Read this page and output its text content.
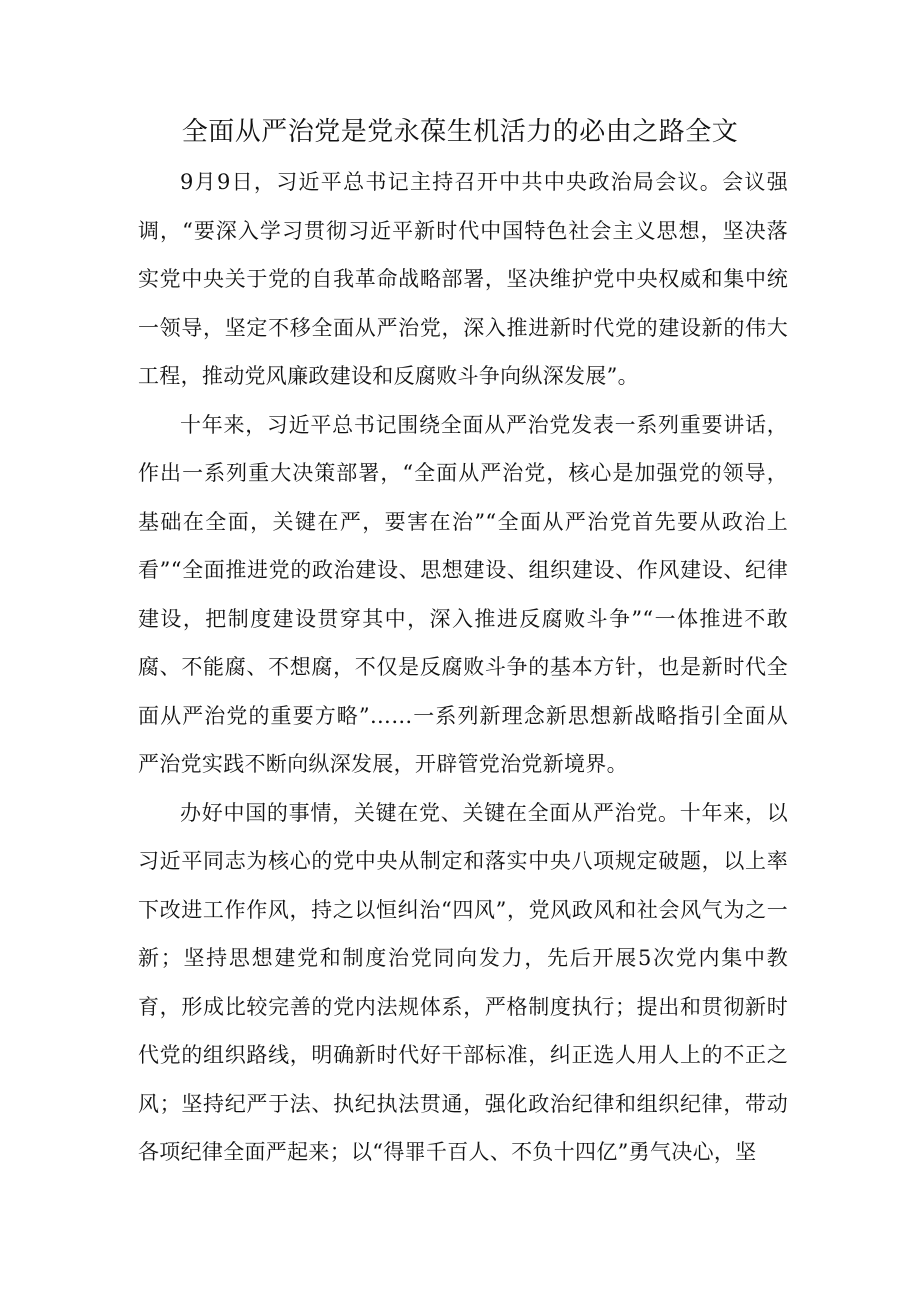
全面从严治党是党永葆生机活力的必由之路全文

9月9日，习近平总书记主持召开中共中央政治局会议。会议强调，“要深入学习贯彻习近平新时代中国特色社会主义思想，坚决落实党中央关于党的自我革命战略部署，坚决维护党中央权威和集中统一领导，坚定不移全面从严治党，深入推进新时代党的建设新的伟大工程，推动党风廉政建设和反腐败斗争向纵深发展”。

十年来，习近平总书记围绕全面从严治党发表一系列重要讲话，作出一系列重大决策部署，“全面从严治党，核心是加强党的领导，基础在全面，关键在严，要害在治”“全面从严治党首先要从政治上看”“全面推进党的政治建设、思想建设、组织建设、作风建设、纪律建设，把制度建设贯穿其中，深入推进反腐败斗争”“一体推进不敢腐、不能腐、不想腐，不仅是反腐败斗争的基本方针，也是新时代全面从严治党的重要方略”……一系列新理念新思想新战略指引全面从严治党实践不断向纵深发展，开辟管党治党新境界。

办好中国的事情，关键在党、关键在全面从严治党。十年来，以习近平同志为核心的党中央从制定和落实中央八项规定破题，以上率下改进工作作风，持之以恒纠治“四风”，党风政风和社会风气为之一新；坚持思想建党和制度治党同向发力，先后开展5次党内集中教育，形成比较完善的党内法规体系，严格制度执行；提出和贯彻新时代党的组织路线，明确新时代好干部标准，纠正选人用人上的不正之风；坚持纪严于法、执纪执法贯通，强化政治纪律和组织纪律，带动各项纪律全面严起来；以“得罪千百人、不负十四亿”勇气决心，坚
